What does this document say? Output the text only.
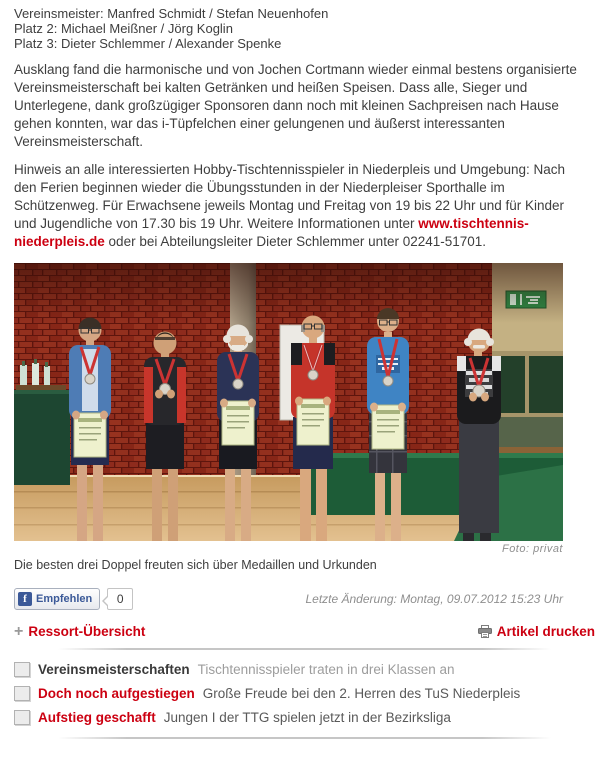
Vereinsmeister: Manfred Schmidt / Stefan Neuenhofen
Platz 2: Michael Meißner / Jörg Koglin
Platz 3: Dieter Schlemmer / Alexander Spenke

Ausklang fand die harmonische und von Jochen Cortmann wieder einmal bestens organisierte Vereinsmeisterschaft bei kalten Getränken und heißen Speisen. Dass alle, Sieger und Unterlegene, dank großzügiger Sponsoren dann noch mit kleinen Sachpreisen nach Hause gehen konnten, war das i-Tüpfelchen einer gelungenen und äußerst interessanten Vereinsmeisterschaft.

Hinweis an alle interessierten Hobby-Tischtennisspieler in Niederpleis und Umgebung: Nach den Ferien beginnen wieder die Übungsstunden in der Niederpleiser Sporthalle im Schützenweg. Für Erwachsene jeweils Montag und Freitag von 19 bis 22 Uhr und für Kinder und Jugendliche von 17.30 bis 19 Uhr. Weitere Informationen unter www.tischtennis-niederpleis.de oder bei Abteilungsleiter Dieter Schlemmer unter 02241-51701.

Foto: privat
Die besten drei Doppel freuten sich über Medaillen und Urkunden
f Empfehlen	0	Letzte Änderung: Montag, 09.07.2012 15:23 Uhr
+ Ressort-Übersicht	Artikel drucken
Vereinsmeisterschaften Tischtennisspieler traten in drei Klassen an
Doch noch aufgestiegen Große Freude bei den 2. Herren des TuS Niederpleis
Aufstieg geschafft Jungen I der TTG spielen jetzt in der Bezirksliga
